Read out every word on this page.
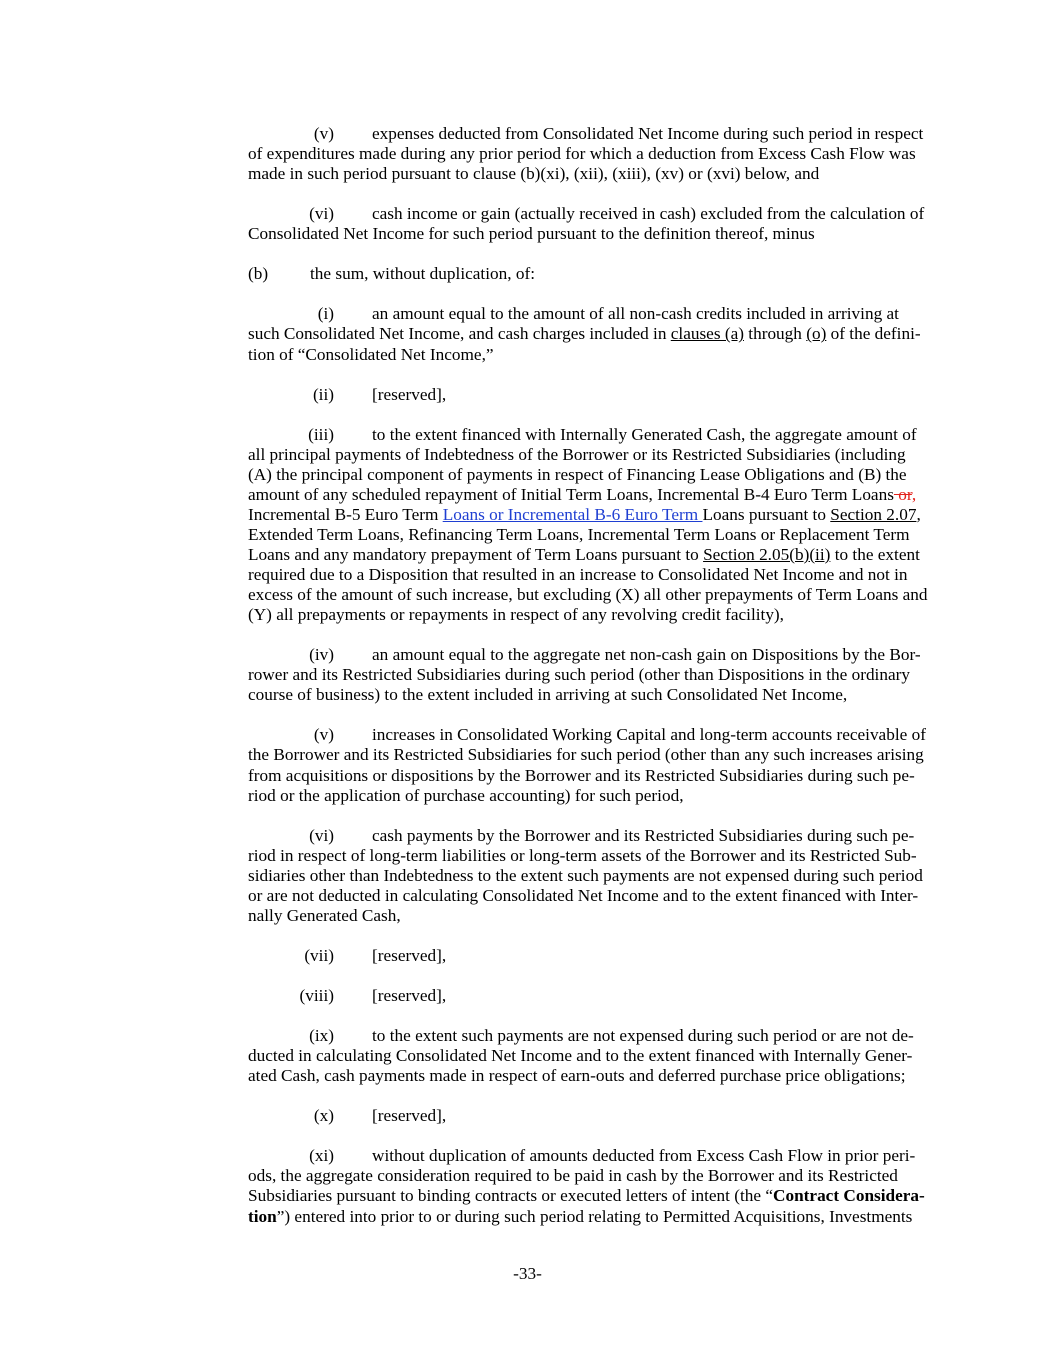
(v) expenses deducted from Consolidated Net Income during such period in respect
of expenditures made during any prior period for which a deduction from Excess Cash Flow was
made in such period pursuant to clause (b)(xi), (xii), (xiii), (xv) or (xvi) below, and
(vi) cash income or gain (actually received in cash) excluded from the calculation of
Consolidated Net Income for such period pursuant to the definition thereof, minus
(b) the sum, without duplication, of:
(i) an amount equal to the amount of all non-cash credits included in arriving at
such Consolidated Net Income, and cash charges included in clauses (a) through (o) of the defini-
tion of “Consolidated Net Income,”
(ii) [reserved],
(iii) to the extent financed with Internally Generated Cash, the aggregate amount of
all principal payments of Indebtedness of the Borrower or its Restricted Subsidiaries (including
(A) the principal component of payments in respect of Financing Lease Obligations and (B) the
amount of any scheduled repayment of Initial Term Loans, Incremental B-4 Euro Term Loans or,
Incremental B-5 Euro Term Loans or Incremental B-6 Euro Term Loans pursuant to Section 2.07,
Extended Term Loans, Refinancing Term Loans, Incremental Term Loans or Replacement Term
Loans and any mandatory prepayment of Term Loans pursuant to Section 2.05(b)(ii) to the extent
required due to a Disposition that resulted in an increase to Consolidated Net Income and not in
excess of the amount of such increase, but excluding (X) all other prepayments of Term Loans and
(Y) all prepayments or repayments in respect of any revolving credit facility),
(iv) an amount equal to the aggregate net non-cash gain on Dispositions by the Bor-
rower and its Restricted Subsidiaries during such period (other than Dispositions in the ordinary
course of business) to the extent included in arriving at such Consolidated Net Income,
(v) increases in Consolidated Working Capital and long-term accounts receivable of
the Borrower and its Restricted Subsidiaries for such period (other than any such increases arising
from acquisitions or dispositions by the Borrower and its Restricted Subsidiaries during such pe-
riod or the application of purchase accounting) for such period,
(vi) cash payments by the Borrower and its Restricted Subsidiaries during such pe-
riod in respect of long-term liabilities or long-term assets of the Borrower and its Restricted Sub-
sidiaries other than Indebtedness to the extent such payments are not expensed during such period
or are not deducted in calculating Consolidated Net Income and to the extent financed with Inter-
nally Generated Cash,
(vii) [reserved],
(viii) [reserved],
(ix) to the extent such payments are not expensed during such period or are not de-
ducted in calculating Consolidated Net Income and to the extent financed with Internally Gener-
ated Cash, cash payments made in respect of earn-outs and deferred purchase price obligations;
(x) [reserved],
(xi) without duplication of amounts deducted from Excess Cash Flow in prior peri-
ods, the aggregate consideration required to be paid in cash by the Borrower and its Restricted
Subsidiaries pursuant to binding contracts or executed letters of intent (the “Contract Considera-
tion”) entered into prior to or during such period relating to Permitted Acquisitions, Investments
-33-
